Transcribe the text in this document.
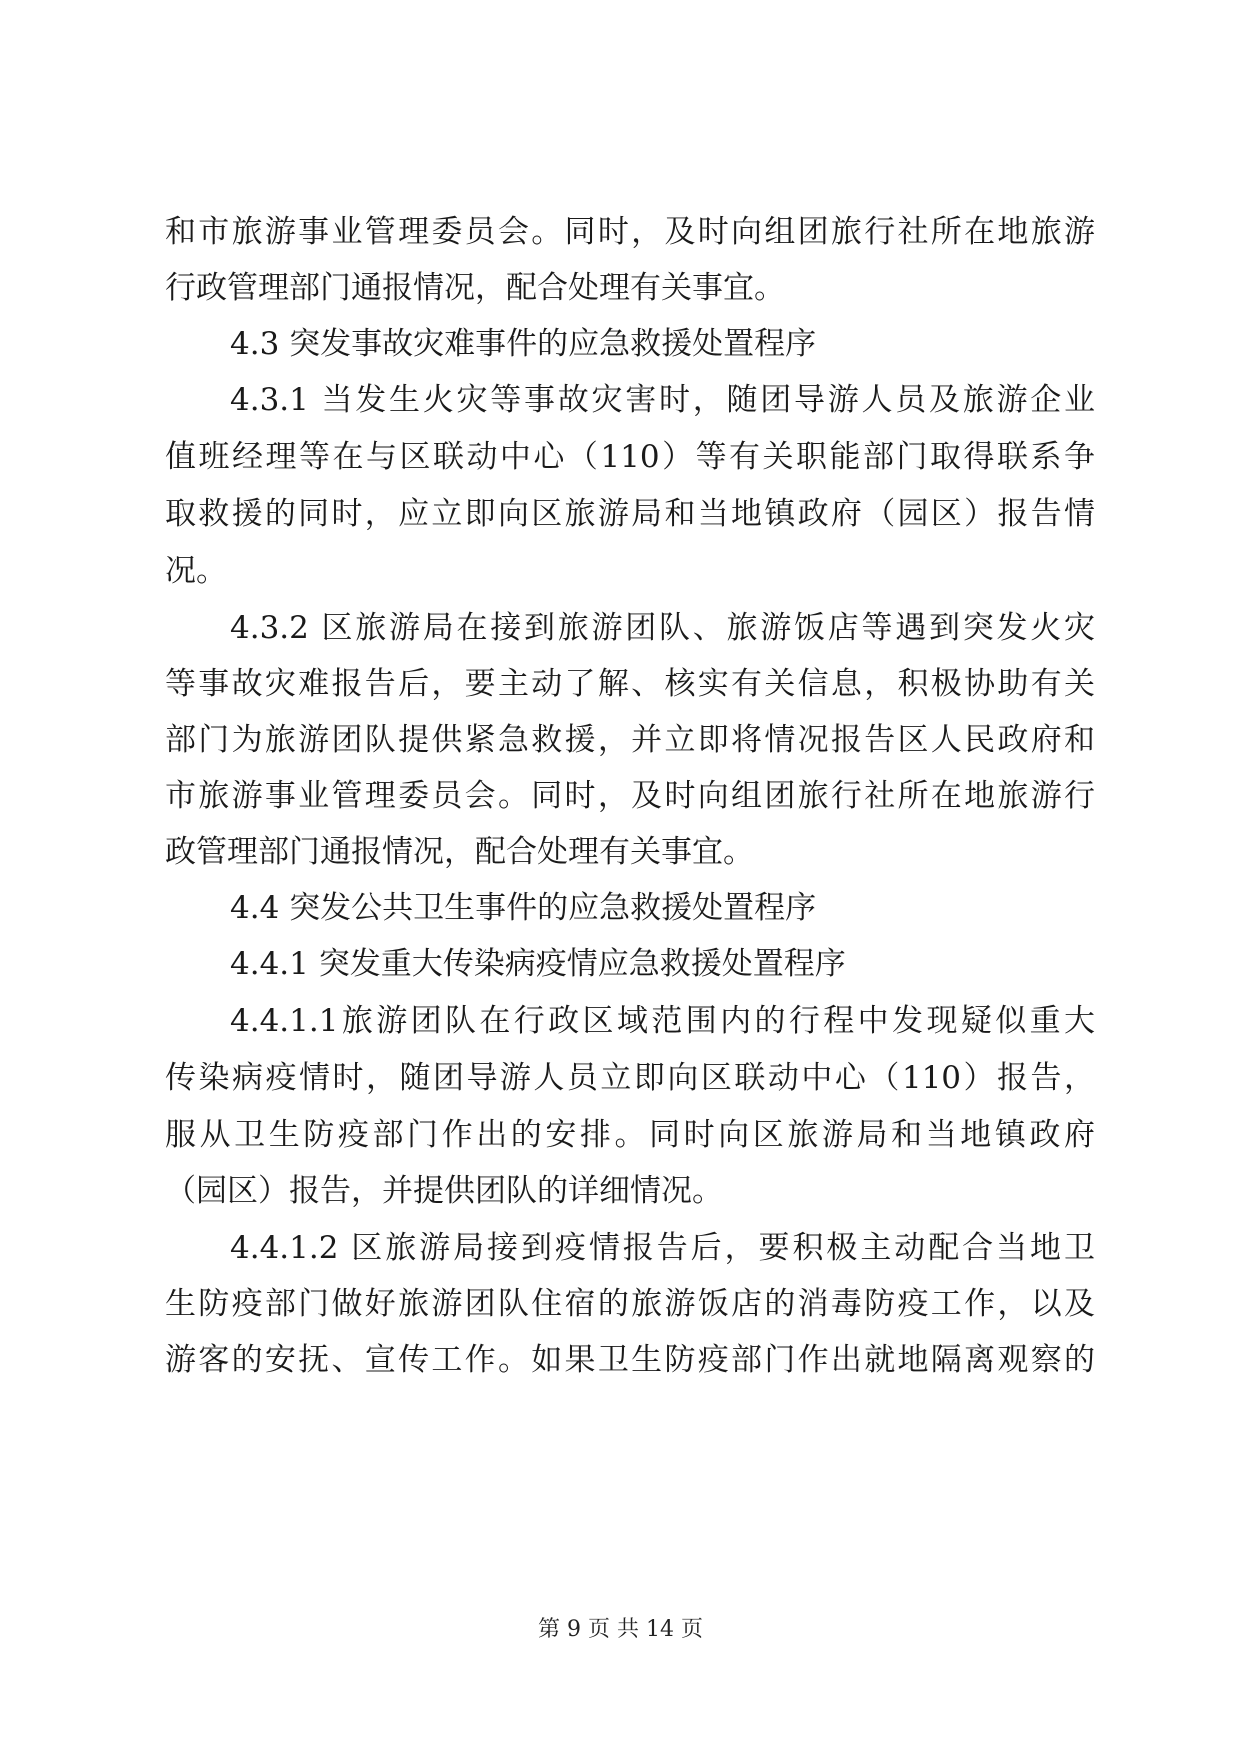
和市旅游事业管理委员会。同时，及时向组团旅行社所在地旅游
行政管理部门通报情况，配合处理有关事宜。
4.3 突发事故灾难事件的应急救援处置程序
4.3.1 当发生火灾等事故灾害时，随团导游人员及旅游企业
值班经理等在与区联动中心（110）等有关职能部门取得联系争
取救援的同时，应立即向区旅游局和当地镇政府（园区）报告情
况。
4.3.2 区旅游局在接到旅游团队、旅游饭店等遇到突发火灾
等事故灾难报告后，要主动了解、核实有关信息，积极协助有关
部门为旅游团队提供紧急救援，并立即将情况报告区人民政府和
市旅游事业管理委员会。同时，及时向组团旅行社所在地旅游行
政管理部门通报情况，配合处理有关事宜。
4.4 突发公共卫生事件的应急救援处置程序
4.4.1 突发重大传染病疫情应急救援处置程序
4.4.1.1旅游团队在行政区域范围内的行程中发现疑似重大
传染病疫情时，随团导游人员立即向区联动中心（110）报告，
服从卫生防疫部门作出的安排。同时向区旅游局和当地镇政府
（园区）报告，并提供团队的详细情况。
4.4.1.2 区旅游局接到疫情报告后，要积极主动配合当地卫
生防疫部门做好旅游团队住宿的旅游饭店的消毒防疫工作，以及
游客的安抚、宣传工作。如果卫生防疫部门作出就地隔离观察的
第 9 页 共 14 页
